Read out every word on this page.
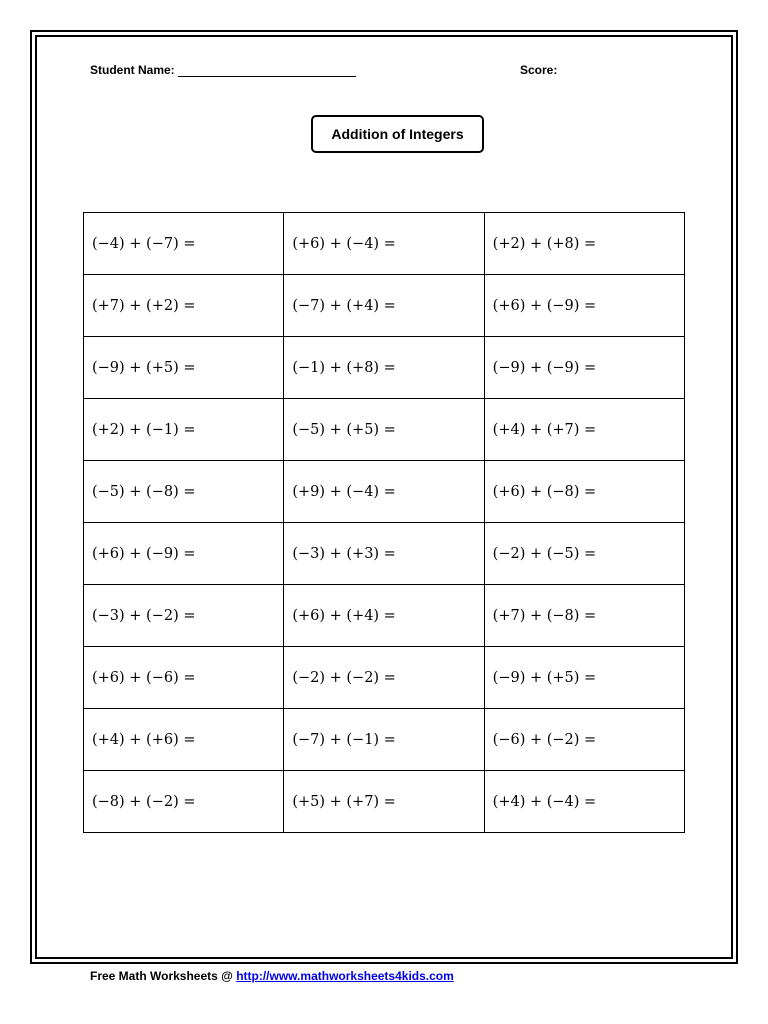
Student Name:	Score:
Addition of Integers
(−4) + (−7) =	(+6) + (−4) =	(+2) + (+8) =
(+7) + (+2) =	(−7) + (+4) =	(+6) + (−9) =
(−9) + (+5) =	(−1) + (+8) =	(−9) + (−9) =
(+2) + (−1) =	(−5) + (+5) =	(+4) + (+7) =
(−5) + (−8) =	(+9) + (−4) =	(+6) + (−8) =
(+6) + (−9) =	(−3) + (+3) =	(−2) + (−5) =
(−3) + (−2) =	(+6) + (+4) =	(+7) + (−8) =
(+6) + (−6) =	(−2) + (−2) =	(−9) + (+5) =
(+4) + (+6) =	(−7) + (−1) =	(−6) + (−2) =
(−8) + (−2) =	(+5) + (+7) =	(+4) + (−4) =
Free Math Worksheets @ http://www.mathworksheets4kids.com
